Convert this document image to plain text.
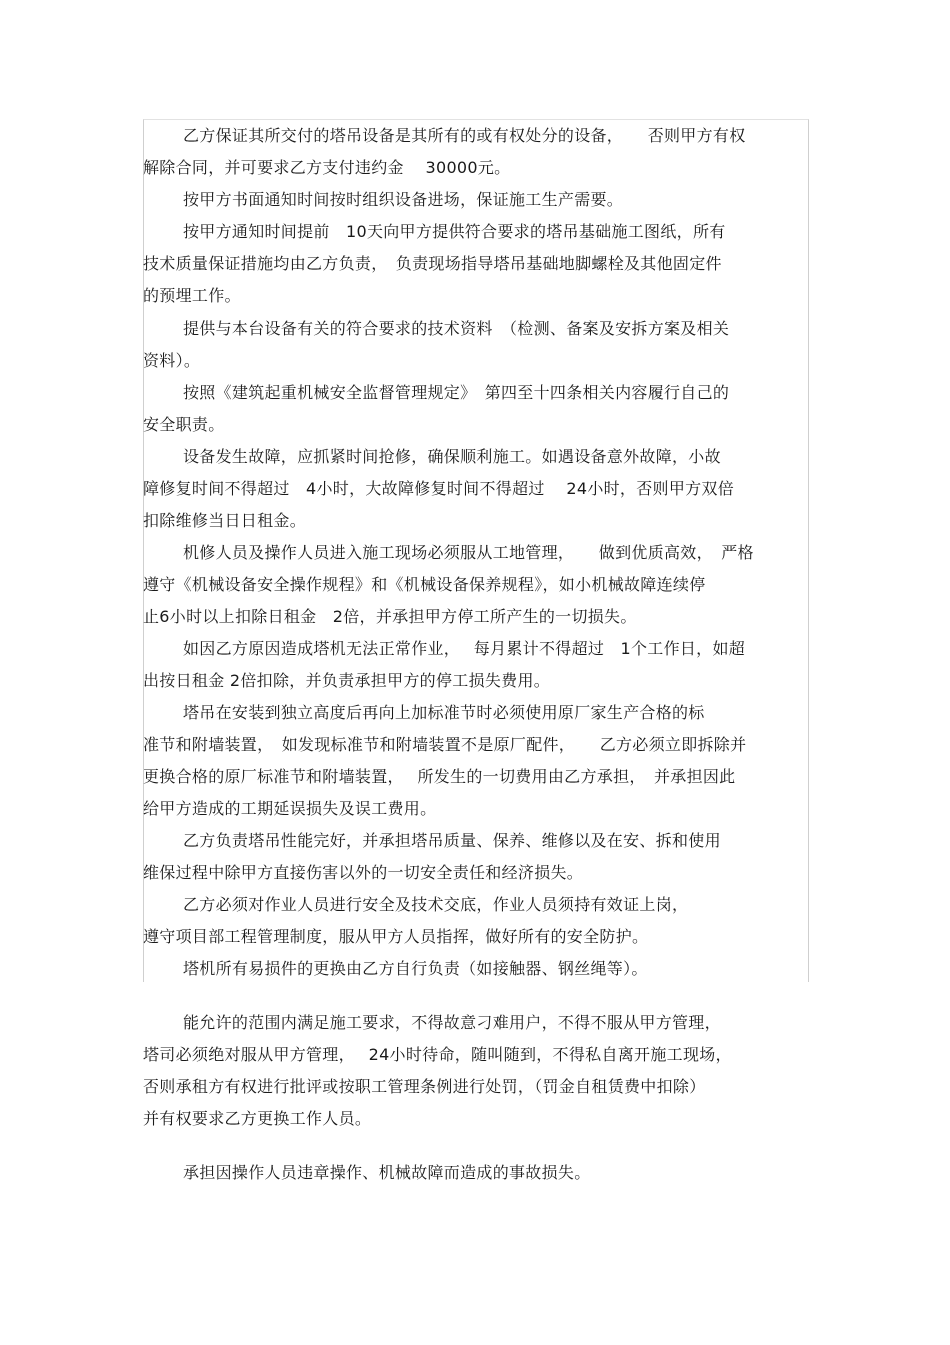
乙方保证其所交付的塔吊设备是其所有的或有权处分的设备，　　否则甲方有权
解除合同，并可要求乙方支付违约金　 30000元。
按甲方书面通知时间按时组织设备进场，保证施工生产需要。
按甲方通知时间提前　10天向甲方提供符合要求的塔吊基础施工图纸，所有
技术质量保证措施均由乙方负责，　负责现场指导塔吊基础地脚螺栓及其他固定件
的预埋工作。
提供与本台设备有关的符合要求的技术资料　（检测、备案及安拆方案及相关
资料）。
按照《建筑起重机械安全监督管理规定》　第四至十四条相关内容履行自己的
安全职责。
设备发生故障，应抓紧时间抢修，确保顺利施工。如遇设备意外故障，小故
障修复时间不得超过　4小时，大故障修复时间不得超过　 24小时，否则甲方双倍
扣除维修当日日租金。
机修人员及操作人员进入施工现场必须服从工地管理，　　做到优质高效，　严格
遵守《机械设备安全操作规程》和《机械设备保养规程》，如小机械故障连续停
止6小时以上扣除日租金　2倍，并承担甲方停工所产生的一切损失。
如因乙方原因造成塔机无法正常作业，　 每月累计不得超过　1个工作日，如超
出按日租金 2倍扣除，并负责承担甲方的停工损失费用。
塔吊在安装到独立高度后再向上加标准节时必须使用原厂家生产合格的标
准节和附墙装置，　如发现标准节和附墙装置不是原厂配件，　　乙方必须立即拆除并
更换合格的原厂标准节和附墙装置，　 所发生的一切费用由乙方承担，　并承担因此
给甲方造成的工期延误损失及误工费用。
乙方负责塔吊性能完好，并承担塔吊质量、保养、维修以及在安、拆和使用
维保过程中除甲方直接伤害以外的一切安全责任和经济损失。
乙方必须对作业人员进行安全及技术交底，作业人员须持有效证上岗，
遵守项目部工程管理制度，服从甲方人员指挥，做好所有的安全防护。
塔机所有易损件的更换由乙方自行负责（如接触器、钢丝绳等）。
能允许的范围内满足施工要求，不得故意刁难用户，不得不服从甲方管理，
塔司必须绝对服从甲方管理，　 24小时待命，随叫随到，不得私自离开施工现场，
否则承租方有权进行批评或按职工管理条例进行处罚，（罚金自租赁费中扣除）
并有权要求乙方更换工作人员。
承担因操作人员违章操作、机械故障而造成的事故损失。
